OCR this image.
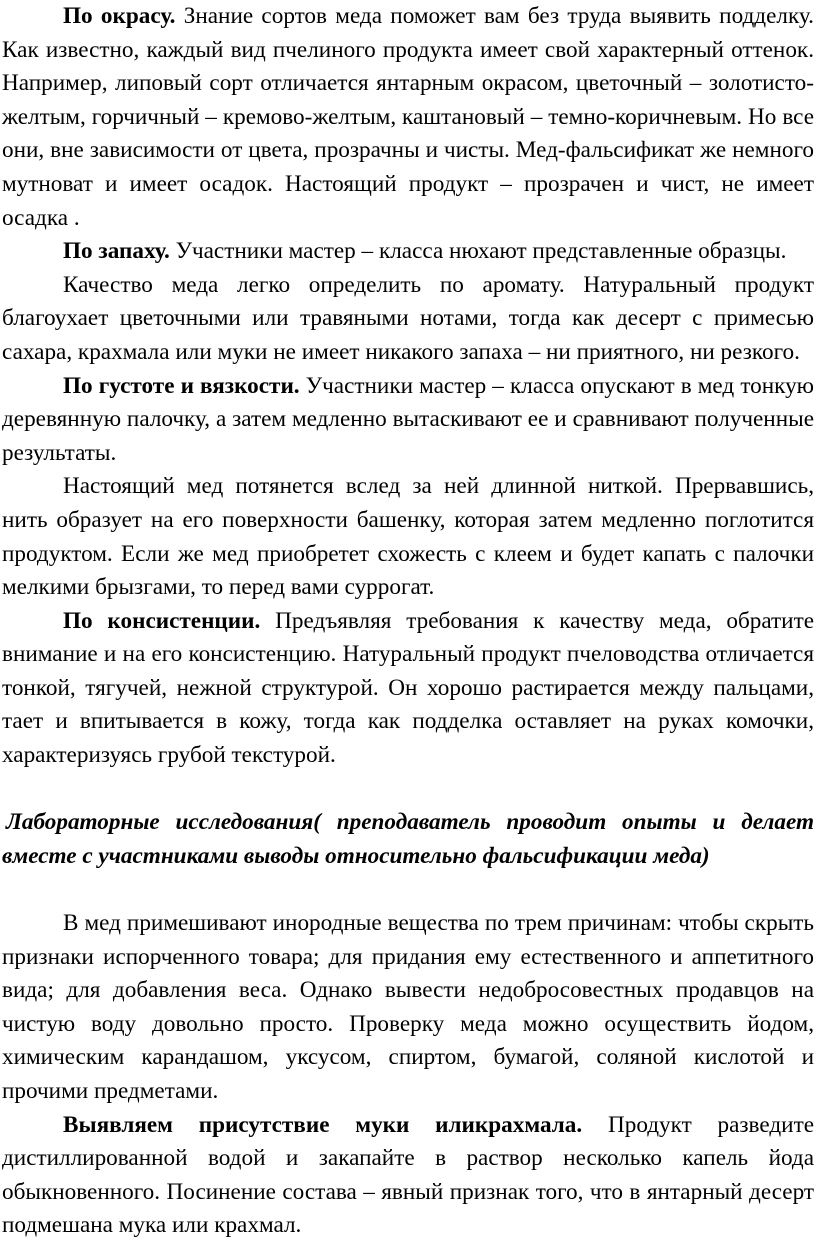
По окрасу. Знание сортов меда поможет вам без труда выявить подделку. Как известно, каждый вид пчелиного продукта имеет свой характерный оттенок. Например, липовый сорт отличается янтарным окрасом, цветочный – золотисто-желтым, горчичный – кремово-желтым, каштановый – темно-коричневым. Но все они, вне зависимости от цвета, прозрачны и чисты. Мед-фальсификат же немного мутноват и имеет осадок. Настоящий продукт – прозрачен и чист, не имеет осадка .

По запаху. Участники мастер – класса нюхают представленные образцы.

Качество меда легко определить по аромату. Натуральный продукт благоухает цветочными или травяными нотами, тогда как десерт с примесью сахара, крахмала или муки не имеет никакого запаха – ни приятного, ни резкого.

По густоте и вязкости. Участники мастер – класса опускают в мед тонкую деревянную палочку, а затем медленно вытаскивают ее и сравнивают полученные результаты.

Настоящий мед потянется вслед за ней длинной ниткой. Прервавшись, нить образует на его поверхности башенку, которая затем медленно поглотится продуктом. Если же мед приобретет схожесть с клеем и будет капать с палочки мелкими брызгами, то перед вами суррогат.

По консистенции. Предъявляя требования к качеству меда, обратите внимание и на его консистенцию. Натуральный продукт пчеловодства отличается тонкой, тягучей, нежной структурой. Он хорошо растирается между пальцами, тает и впитывается в кожу, тогда как подделка оставляет на руках комочки, характеризуясь грубой текстурой.

Лабораторные исследования( преподаватель проводит опыты и делает вместе с участниками выводы относительно фальсификации меда)

В мед примешивают инородные вещества по трем причинам: чтобы скрыть признаки испорченного товара; для придания ему естественного и аппетитного вида; для добавления веса. Однако вывести недобросовестных продавцов на чистую воду довольно просто. Проверку меда можно осуществить йодом, химическим карандашом, уксусом, спиртом, бумагой, соляной кислотой и прочими предметами.

Выявляем присутствие муки иликрахмала. Продукт разведите дистиллированной водой и закапайте в раствор несколько капель йода обыкновенного. Посинение состава – явный признак того, что в янтарный десерт подмешана мука или крахмал.
